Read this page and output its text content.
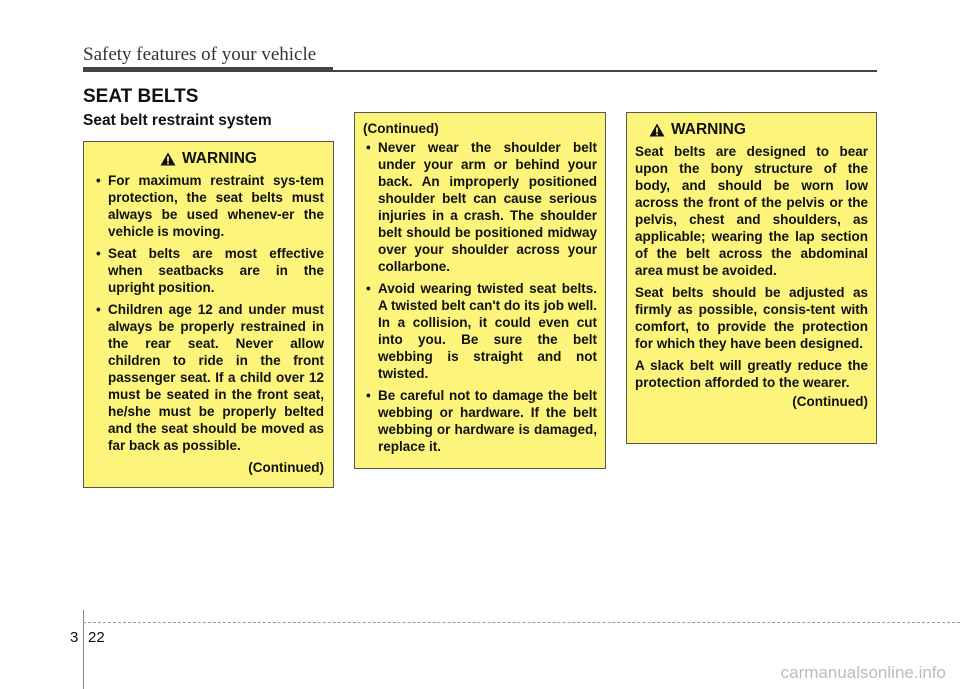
Safety features of your vehicle
SEAT BELTS
Seat belt restraint system
WARNING
• For maximum restraint sys-tem protection, the seat belts must always be used whenev-er the vehicle is moving.
• Seat belts are most effective when seatbacks are in the upright position.
• Children age 12 and under must always be properly restrained in the rear seat. Never allow children to ride in the front passenger seat. If a child over 12 must be seated in the front seat, he/she must be properly belted and the seat should be moved as far back as possible.
(Continued)
(Continued)
• Never wear the shoulder belt under your arm or behind your back. An improperly positioned shoulder belt can cause serious injuries in a crash. The shoulder belt should be positioned midway over your shoulder across your collarbone.
• Avoid wearing twisted seat belts. A twisted belt can't do its job well. In a collision, it could even cut into you. Be sure the belt webbing is straight and not twisted.
• Be careful not to damage the belt webbing or hardware. If the belt webbing or hardware is damaged, replace it.
WARNING

Seat belts are designed to bear upon the bony structure of the body, and should be worn low across the front of the pelvis or the pelvis, chest and shoulders, as applicable; wearing the lap section of the belt across the abdominal area must be avoided.

Seat belts should be adjusted as firmly as possible, consis-tent with comfort, to provide the protection for which they have been designed.

A slack belt will greatly reduce the protection afforded to the wearer.

(Continued)
3 22
carmanualsonline.info
